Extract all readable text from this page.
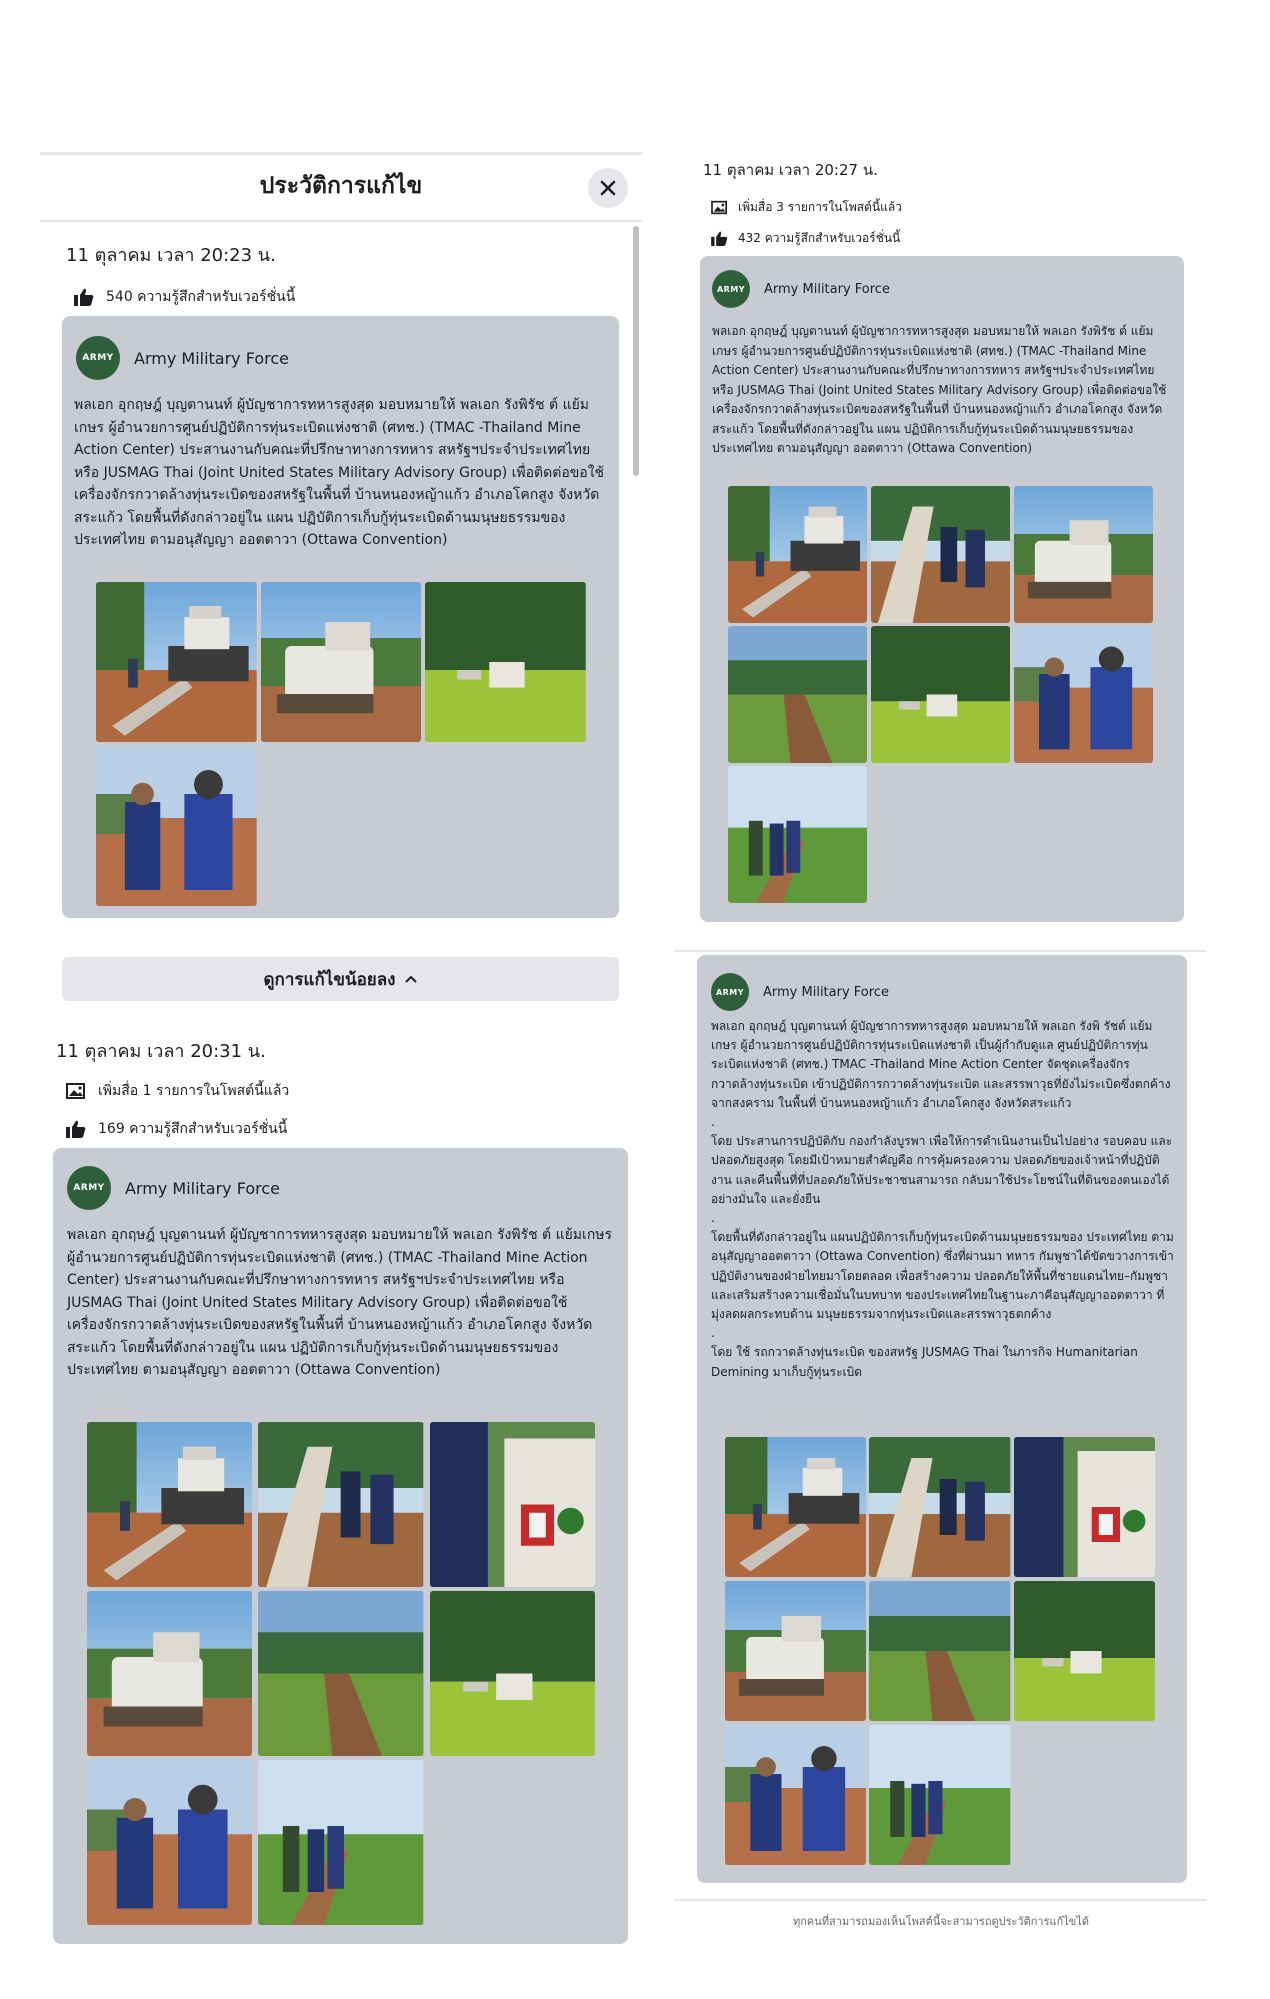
ประวัติการแก้ไข
11 ตุลาคม เวลา 20:23 น.
540 ความรู้สึกสำหรับเวอร์ชั่นนี้
ARMY Army Military Force
พลเอก อุกฤษฎ์ บุญตานนท์ ผู้บัญชาการทหารสูงสุด มอบหมายให้ พลเอก รังพิรัช ต์ แย้มเกษร ผู้อำนวยการศูนย์ปฏิบัติการทุ่นระเบิดแห่งชาติ (ศทช.) (TMAC -Thailand Mine Action Center) ประสานงานกับคณะที่ปรึกษาทางการทหาร สหรัฐฯประจำประเทศไทย หรือ JUSMAG Thai (Joint United States Military Advisory Group) เพื่อติดต่อขอใช้เครื่องจักรกวาดล้างทุ่นระเบิดของสหรัฐในพื้นที่ บ้านหนองหญ้าแก้ว อำเภอโคกสูง จังหวัดสระแก้ว โดยพื้นที่ดังกล่าวอยู่ใน แผน ปฏิบัติการเก็บกู้ทุ่นระเบิดด้านมนุษยธรรมของประเทศไทย ตามอนุสัญญา ออตตาวา (Ottawa Convention)
ดูการแก้ไขน้อยลง
11 ตุลาคม เวลา 20:31 น.
เพิ่มสื่อ 1 รายการในโพสต์นี้แล้ว
169 ความรู้สึกสำหรับเวอร์ชั่นนี้
ARMY Army Military Force
พลเอก อุกฤษฎ์ บุญตานนท์ ผู้บัญชาการทหารสูงสุด มอบหมายให้ พลเอก รังพิรัช ต์ แย้มเกษร ผู้อำนวยการศูนย์ปฏิบัติการทุ่นระเบิดแห่งชาติ (ศทช.) (TMAC -Thailand Mine Action Center) ประสานงานกับคณะที่ปรึกษาทางการทหาร สหรัฐฯประจำประเทศไทย หรือ JUSMAG Thai (Joint United States Military Advisory Group) เพื่อติดต่อขอใช้เครื่องจักรกวาดล้างทุ่นระเบิดของสหรัฐในพื้นที่ บ้านหนองหญ้าแก้ว อำเภอโคกสูง จังหวัดสระแก้ว โดยพื้นที่ดังกล่าวอยู่ใน แผน ปฏิบัติการเก็บกู้ทุ่นระเบิดด้านมนุษยธรรมของประเทศไทย ตามอนุสัญญา ออตตาวา (Ottawa Convention)
11 ตุลาคม เวลา 20:27 น.
เพิ่มสื่อ 3 รายการในโพสต์นี้แล้ว
432 ความรู้สึกสำหรับเวอร์ชั่นนี้
ARMY Army Military Force
พลเอก อุกฤษฎ์ บุญตานนท์ ผู้บัญชาการทหารสูงสุด มอบหมายให้ พลเอก รังพิรัช ต์ แย้มเกษร ผู้อำนวยการศูนย์ปฏิบัติการทุ่นระเบิดแห่งชาติ (ศทช.) (TMAC -Thailand Mine Action Center) ประสานงานกับคณะที่ปรึกษาทางการทหาร สหรัฐฯประจำประเทศไทย หรือ JUSMAG Thai (Joint United States Military Advisory Group) เพื่อติดต่อขอใช้เครื่องจักรกวาดล้างทุ่นระเบิดของสหรัฐในพื้นที่ บ้านหนองหญ้าแก้ว อำเภอโคกสูง จังหวัดสระแก้ว โดยพื้นที่ดังกล่าวอยู่ใน แผน ปฏิบัติการเก็บกู้ทุ่นระเบิดด้านมนุษยธรรมของประเทศไทย ตามอนุสัญญา ออตตาวา (Ottawa Convention)
ARMY Army Military Force
พลเอก อุกฤษฎ์ บุญตานนท์ ผู้บัญชาการทหารสูงสุด มอบหมายให้ พลเอก รังพิ รัชต์ แย้มเกษร ผู้อำนวยการศูนย์ปฏิบัติการทุ่นระเบิดแห่งชาติ เป็นผู้กำกับดูแล ศูนย์ปฏิบัติการทุ่นระเบิดแห่งชาติ (ศทช.) TMAC -Thailand Mine Action Center จัดชุดเครื่องจักรกวาดล้างทุ่นระเบิด เข้าปฏิบัติการกวาดล้างทุ่นระเบิด และสรรพาวุธที่ยังไม่ระเบิดซึ่งตกค้างจากสงคราม ในพื้นที่ บ้านหนองหญ้าแก้ว อำเภอโคกสูง จังหวัดสระแก้ว
.
โดย ประสานการปฏิบัติกับ กองกำลังบูรพา เพื่อให้การดำเนินงานเป็นไปอย่าง รอบคอบ และปลอดภัยสูงสุด โดยมีเป้าหมายสำคัญคือ การคุ้มครองความ ปลอดภัยของเจ้าหน้าที่ปฏิบัติงาน และคืนพื้นที่ที่ปลอดภัยให้ประชาชนสามารถ กลับมาใช้ประโยชน์ในที่ดินของตนเองได้อย่างมั่นใจ และยั่งยืน
.
โดยพื้นที่ดังกล่าวอยู่ใน แผนปฏิบัติการเก็บกู้ทุ่นระเบิดด้านมนุษยธรรมของ ประเทศไทย ตามอนุสัญญาออตตาวา (Ottawa Convention) ซึ่งที่ผ่านมา ทหาร กัมพูชาได้ขัดขวางการเข้าปฏิบัติงานของฝ่ายไทยมาโดยตลอด เพื่อสร้างความ ปลอดภัยให้พื้นที่ชายแดนไทย–กัมพูชา และเสริมสร้างความเชื่อมั่นในบทบาท ของประเทศไทยในฐานะภาคีอนุสัญญาออตตาวา ที่มุ่งลดผลกระทบด้าน มนุษยธรรมจากทุ่นระเบิดและสรรพาวุธตกค้าง
.
โดย ใช้ รถกวาดล้างทุ่นระเบิด ของสหรัฐ JUSMAG Thai ในภารกิจ Humanitarian Demining มาเก็บกู้ทุ่นระเบิด
ทุกคนที่สามารถมองเห็นโพสต์นี้จะสามารถดูประวัติการแก้ไขได้
